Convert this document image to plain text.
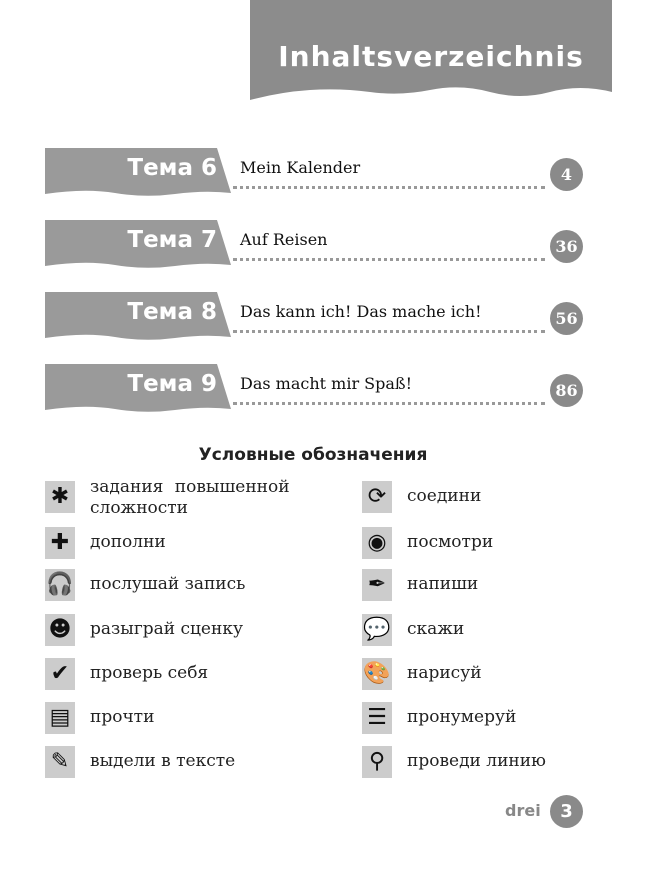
Inhaltsverzeichnis
Тема 6 Mein Kalender	4
Тема 7 Auf Reisen	36
Тема 8 Das kann ich! Das mache ich!	56
Тема 9 Das macht mir Spaß!	86
Условные обозначения
✱	задания повышенной сложности
✚	дополни
🎧 послушай запись
☻ разыграй сценку
✔	проверь себя
▤ прочти
✎	выдели в тексте
⟳	соедини
◉	посмотри
✒	напиши
💬 скажи
🎨 нарисуй
☰	пронумеруй
⚲	проведи линию
drei	3
